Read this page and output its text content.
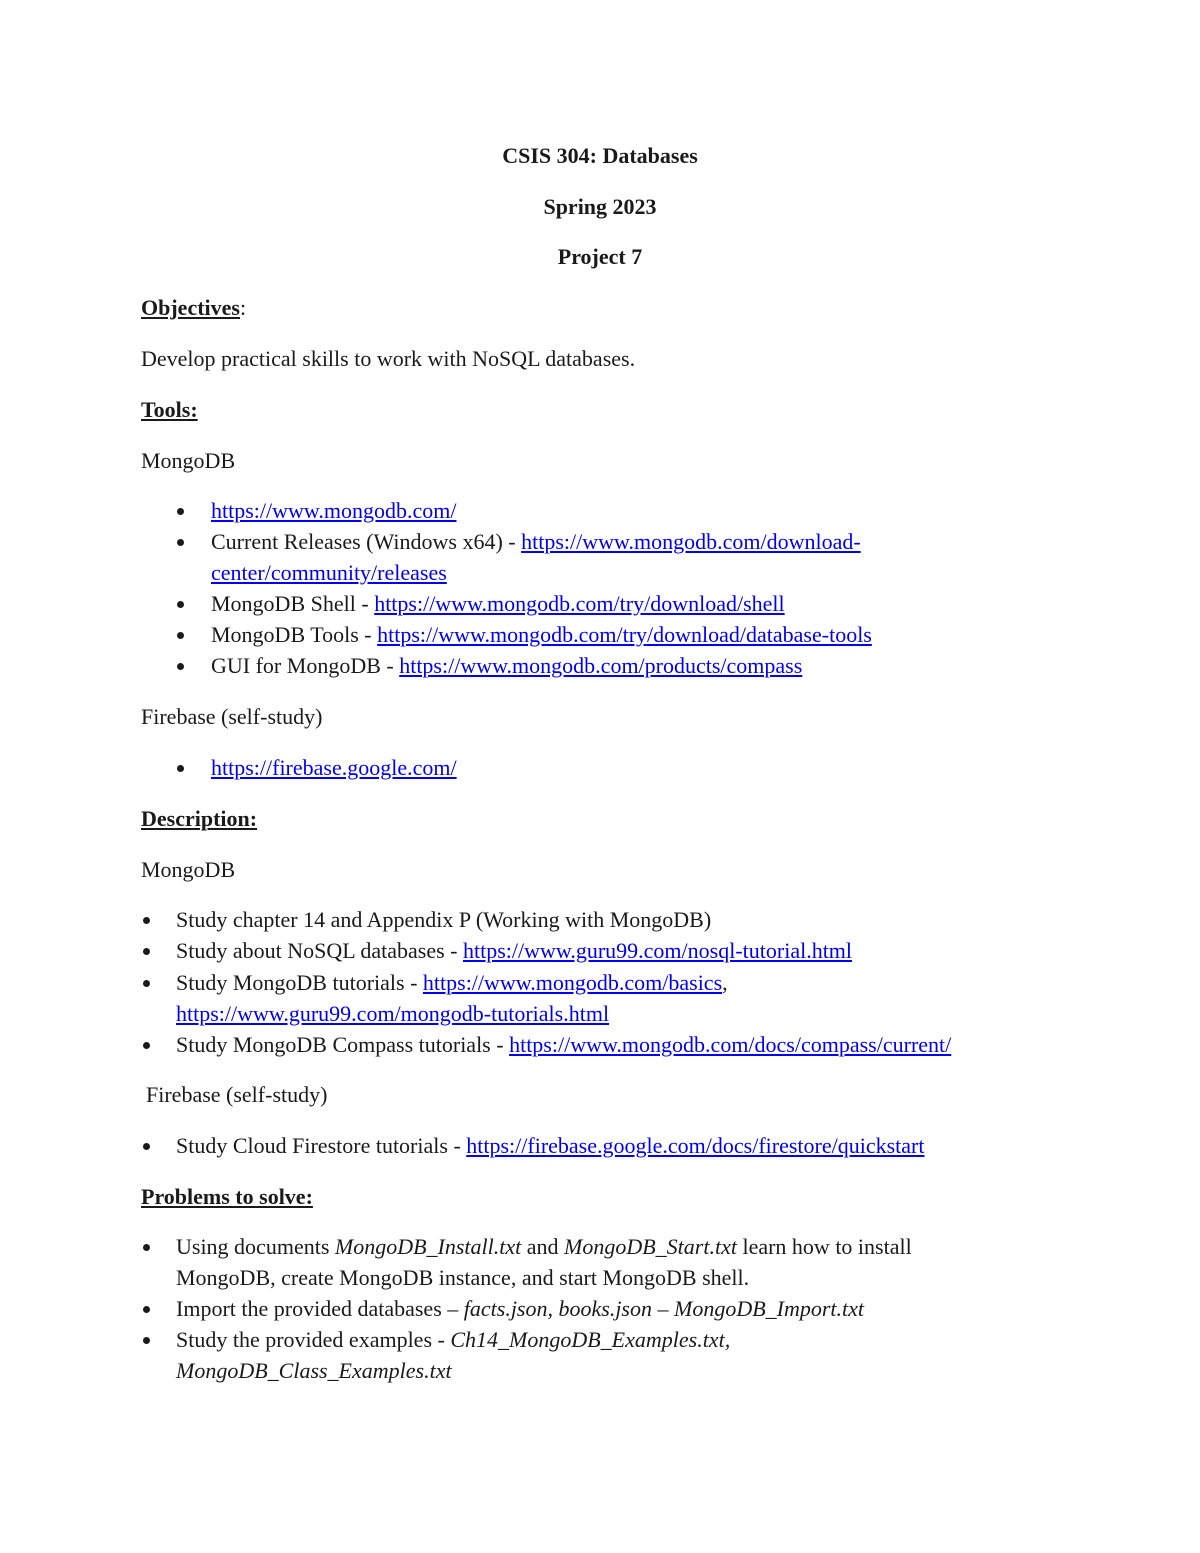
CSIS 304: Databases
Spring 2023
Project 7
Objectives:
Develop practical skills to work with NoSQL databases.
Tools:
MongoDB
https://www.mongodb.com/
Current Releases (Windows x64) - https://www.mongodb.com/download-
center/community/releases
MongoDB Shell - https://www.mongodb.com/try/download/shell
MongoDB Tools - https://www.mongodb.com/try/download/database-tools
GUI for MongoDB - https://www.mongodb.com/products/compass
Firebase (self-study)
https://firebase.google.com/
Description:
MongoDB
Study chapter 14 and Appendix P (Working with MongoDB)
Study about NoSQL databases - https://www.guru99.com/nosql-tutorial.html
Study MongoDB tutorials - https://www.mongodb.com/basics,
https://www.guru99.com/mongodb-tutorials.html
Study MongoDB Compass tutorials - https://www.mongodb.com/docs/compass/current/
Firebase (self-study)
Study Cloud Firestore tutorials - https://firebase.google.com/docs/firestore/quickstart
Problems to solve:
Using documents MongoDB_Install.txt and MongoDB_Start.txt learn how to install
MongoDB, create MongoDB instance, and start MongoDB shell.
Import the provided databases – facts.json, books.json – MongoDB_Import.txt
Study the provided examples - Ch14_MongoDB_Examples.txt,
MongoDB_Class_Examples.txt
